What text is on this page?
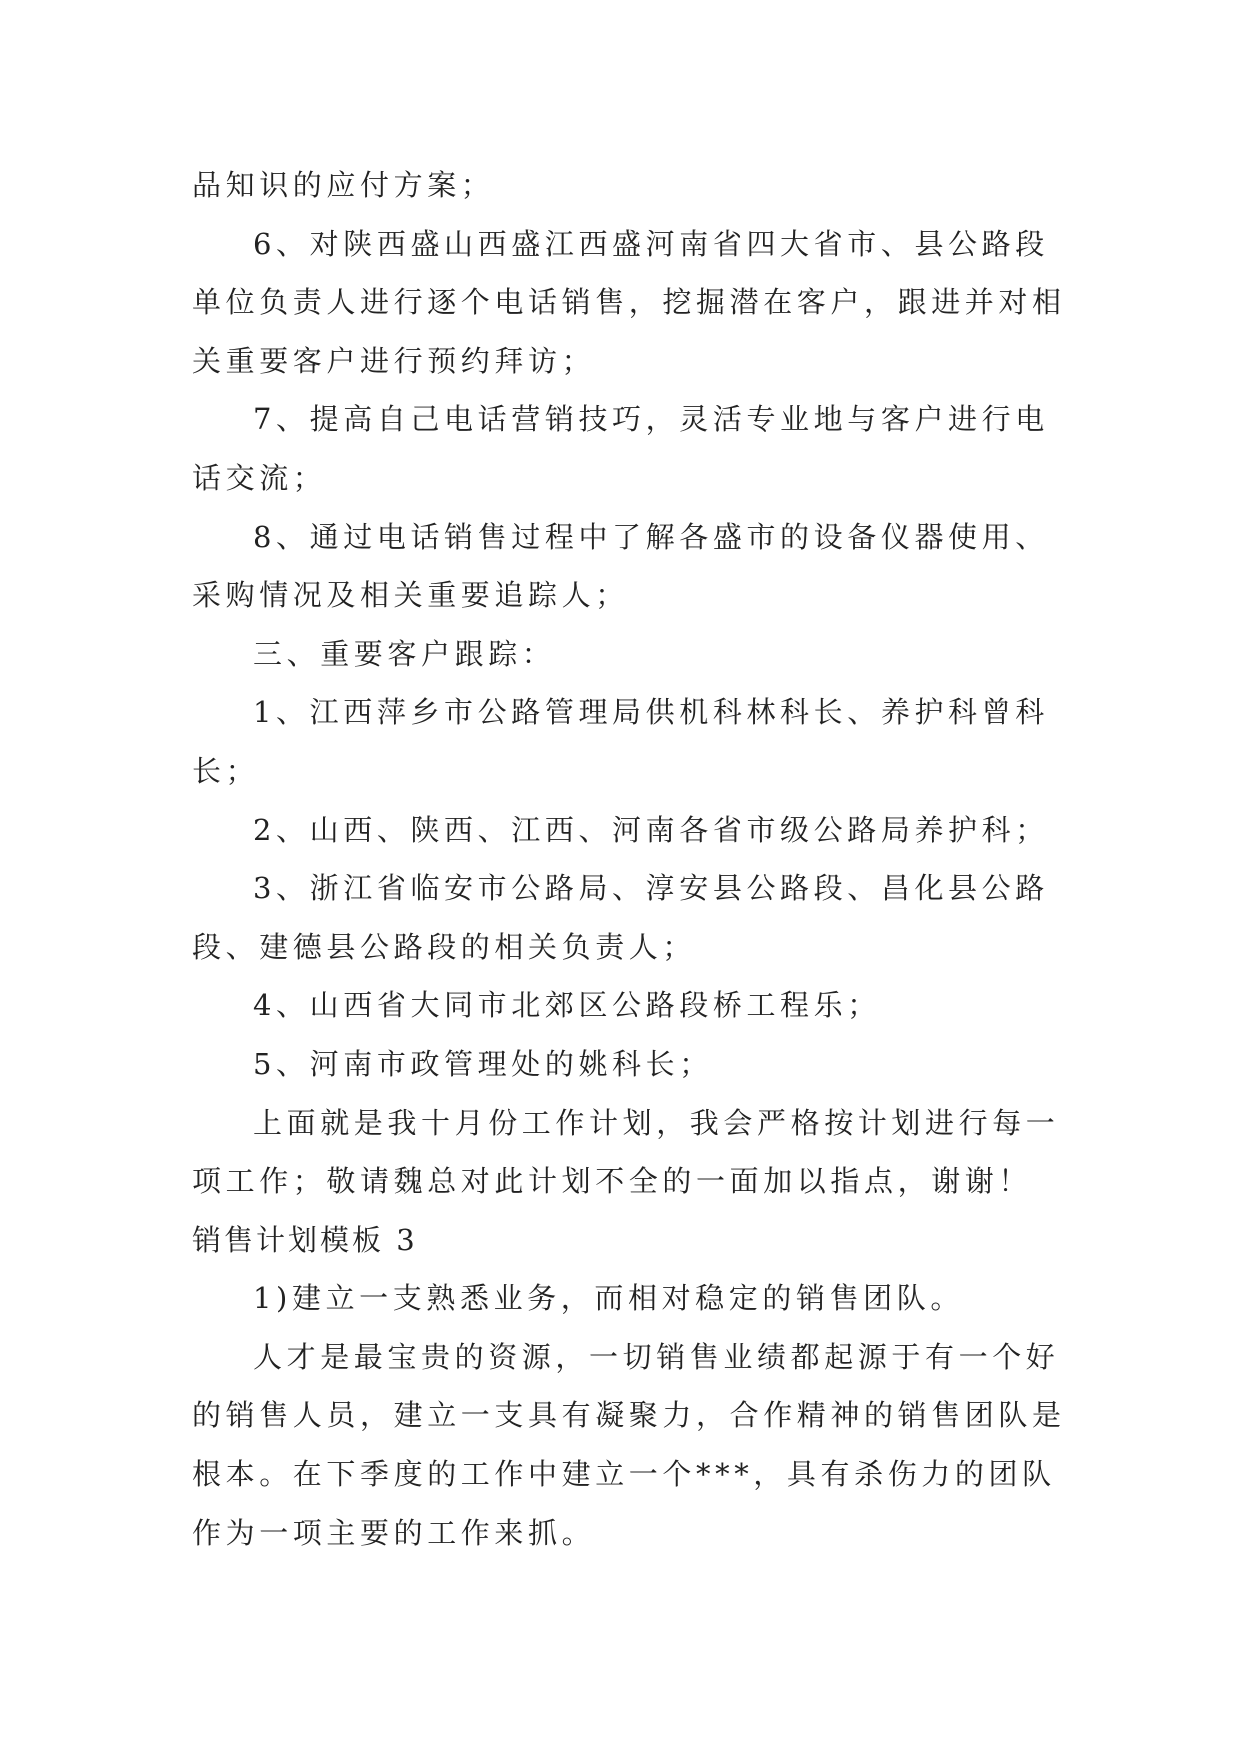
品知识的应付方案；
6、对陕西盛山西盛江西盛河南省四大省市、县公路段
单位负责人进行逐个电话销售，挖掘潜在客户，跟进并对相
关重要客户进行预约拜访；
7、提高自己电话营销技巧，灵活专业地与客户进行电
话交流；
8、通过电话销售过程中了解各盛市的设备仪器使用、
采购情况及相关重要追踪人；
三、重要客户跟踪：
1、江西萍乡市公路管理局供机科林科长、养护科曾科
长；
2、山西、陕西、江西、河南各省市级公路局养护科；
3、浙江省临安市公路局、淳安县公路段、昌化县公路
段、建德县公路段的相关负责人；
4、山西省大同市北郊区公路段桥工程乐；
5、河南市政管理处的姚科长；
上面就是我十月份工作计划，我会严格按计划进行每一
项工作；敬请魏总对此计划不全的一面加以指点，谢谢！
销售计划模板 3
1)建立一支熟悉业务，而相对稳定的销售团队。
人才是最宝贵的资源，一切销售业绩都起源于有一个好
的销售人员，建立一支具有凝聚力，合作精神的销售团队是
根本。在下季度的工作中建立一个***，具有杀伤力的团队
作为一项主要的工作来抓。
